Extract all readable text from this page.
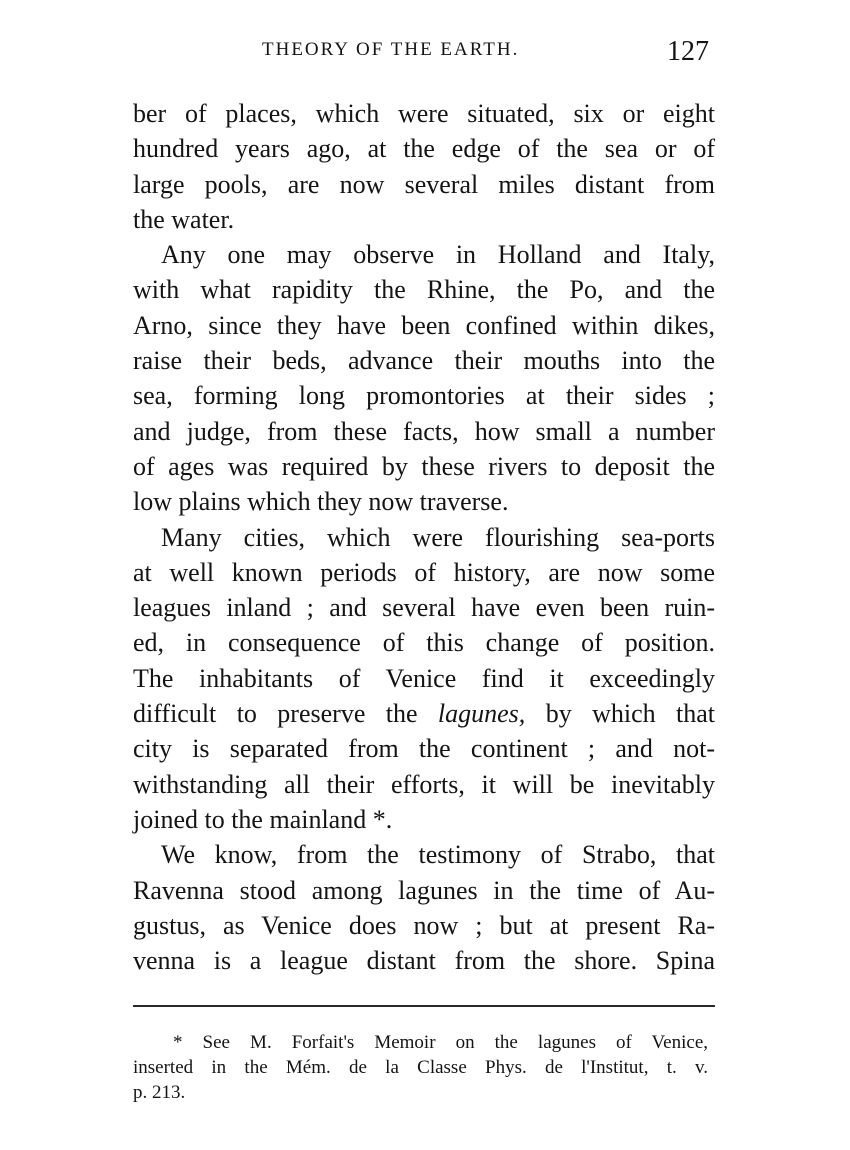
THEORY OF THE EARTH.	127
ber of places, which were situated, six or eight
hundred years ago, at the edge of the sea or of
large pools, are now several miles distant from
the water.
Any one may observe in Holland and Italy,
with what rapidity the Rhine, the Po, and the
Arno, since they have been confined within dikes,
raise their beds, advance their mouths into the
sea, forming long promontories at their sides ;
and judge, from these facts, how small a number
of ages was required by these rivers to deposit the
low plains which they now traverse.
Many cities, which were flourishing sea-ports
at well known periods of history, are now some
leagues inland ; and several have even been ruin-
ed, in consequence of this change of position.
The inhabitants of Venice find it exceedingly
difficult to preserve the lagunes, by which that
city is separated from the continent ; and not-
withstanding all their efforts, it will be inevitably
joined to the mainland *.
We know, from the testimony of Strabo, that
Ravenna stood among lagunes in the time of Au-
gustus, as Venice does now ; but at present Ra-
venna is a league distant from the shore. Spina
* See M. Forfait's Memoir on the lagunes of Venice,
inserted in the Mém. de la Classe Phys. de l'Institut, t. v.
p. 213.
